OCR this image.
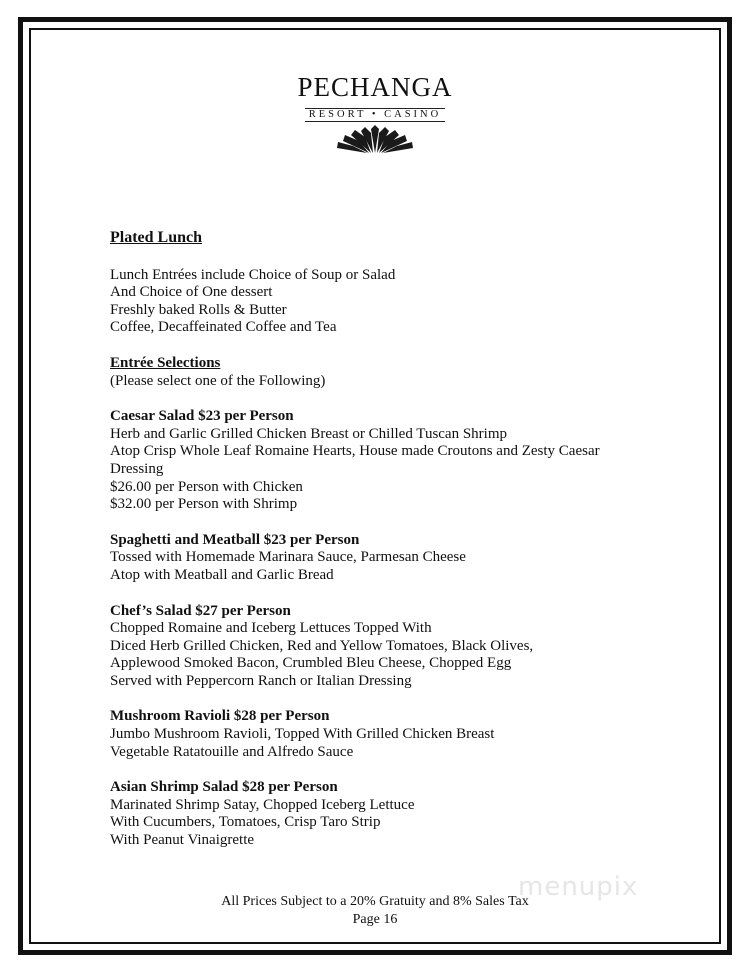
PECHANGA
RESORT • CASINO

Plated Lunch

Lunch Entrées include Choice of Soup or Salad

And Choice of One dessert

Freshly baked Rolls & Butter

Coffee, Decaffeinated Coffee and Tea

Entrée Selections

(Please select one of the Following)

Caesar Salad $23 per Person

Herb and Garlic Grilled Chicken Breast or Chilled Tuscan Shrimp

Atop Crisp Whole Leaf Romaine Hearts, House made Croutons and Zesty Caesar

Dressing

$26.00 per Person with Chicken

$32.00 per Person with Shrimp

Spaghetti and Meatball $23 per Person

Tossed with Homemade Marinara Sauce, Parmesan Cheese

Atop with Meatball and Garlic Bread

Chef’s Salad $27 per Person

Chopped Romaine and Iceberg Lettuces Topped With

Diced Herb Grilled Chicken, Red and Yellow Tomatoes, Black Olives,

Applewood Smoked Bacon, Crumbled Bleu Cheese, Chopped Egg

Served with Peppercorn Ranch or Italian Dressing

Mushroom Ravioli $28 per Person

Jumbo Mushroom Ravioli, Topped With Grilled Chicken Breast

Vegetable Ratatouille and Alfredo Sauce

Asian Shrimp Salad $28 per Person

Marinated Shrimp Satay, Chopped Iceberg Lettuce

With Cucumbers, Tomatoes, Crisp Taro Strip

With Peanut Vinaigrette

menupix
All Prices Subject to a 20% Gratuity and 8% Sales Tax
Page 16
